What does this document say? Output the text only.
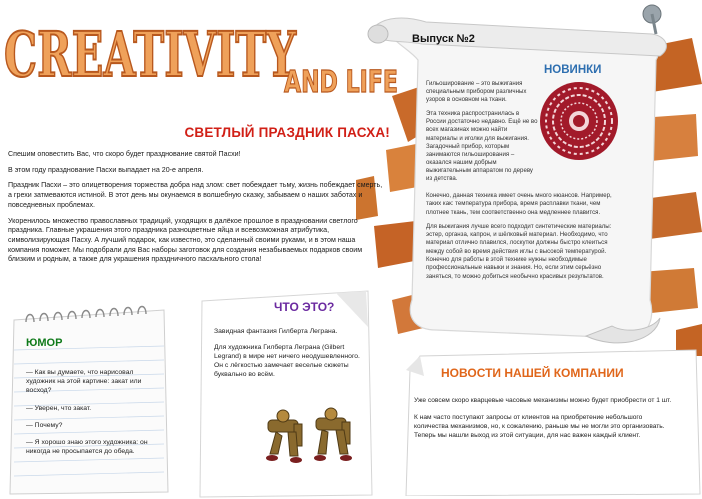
CREATIVITY
AND LIFE
Выпуск №2
СВЕТЛЫЙ ПРАЗДНИК ПАСХА!

Спешим оповестить Вас, что скоро будет празднование святой Пасхи!

В этом году празднование Пасхи выпадает на 20-е апреля.

Праздник Пасхи – это олицетворения торжества добра над злом: свет побеждает тьму, жизнь побеждает смерть, а грехи затмеваются истиной. В этот день мы окунаемся в волшебную сказку, забываем о наших заботах и повседневных проблемах.

Укоренилось множество православных традиций, уходящих в далёкое прошлое в праздновании светлого праздника. Главные украшения этого праздника разноцветные яйца и всевозможная атрибутика, символизирующая Пасху. А лучший подарок, как известно, это сделанный своими руками, и в этом наша компания поможет. Мы подобрали для Вас наборы заготовок для создания незабываемых подарков своим близким и родным, а также для украшения праздничного пасхального стола!

НОВИНКИ

Гильоширование – это выжигания специальным прибором различных узоров в основном на ткани.

Эта техника распространилась в России достаточно недавно. Ещё не во всех магазинах можно найти материалы и иголки для выжигания. Загадочный прибор, которым занимаются гильоширования – оказался нашим добрым выжигательным аппаратом по дереву из детства.

Конечно, данная техника имеет очень много нюансов. Например, таких как: температура прибора, время расплавки ткани, чем плотнее ткань, тем соответственно она медленнее плавится.

Для выжигания лучше всего подходит синтетические материалы: эстер, органза, капрон, и шёлковый материал. Необходимо, что материал отлично плавился, лоскутки должны быстро клеиться между собой во время действия иглы с высокой температурой. Конечно для работы в этой технике нужны необходимые профессиональные навыки и знания. Но, если этим серьёзно заняться, то можно добиться необычно красивых результатов.

ЧТО ЭТО?

Завидная фантазия Гилберта Леграна.

Для художника Гилберта Леграна (Gilbert Legrand) в мире нет ничего неодушевленного. Он с лёгкостью замечает веселые сюжеты буквально во всём.

ЮМОР

— Как вы думаете, что нарисовал художник на этой картине: закат или восход?

— Уверен, что закат.

— Почему?

— Я хорошо знаю этого художника: он никогда не просыпается до обеда.

НОВОСТИ НАШЕЙ КОМПАНИИ

Уже совсем скоро кварцевые часовые механизмы можно будет приобрести от 1 шт.

К нам часто поступают запросы от клиентов на приобретение небольшого количества механизмов, но, к сожалению, раньше мы не могли это организовать. Теперь мы нашли выход из этой ситуации, для нас важен каждый клиент.
